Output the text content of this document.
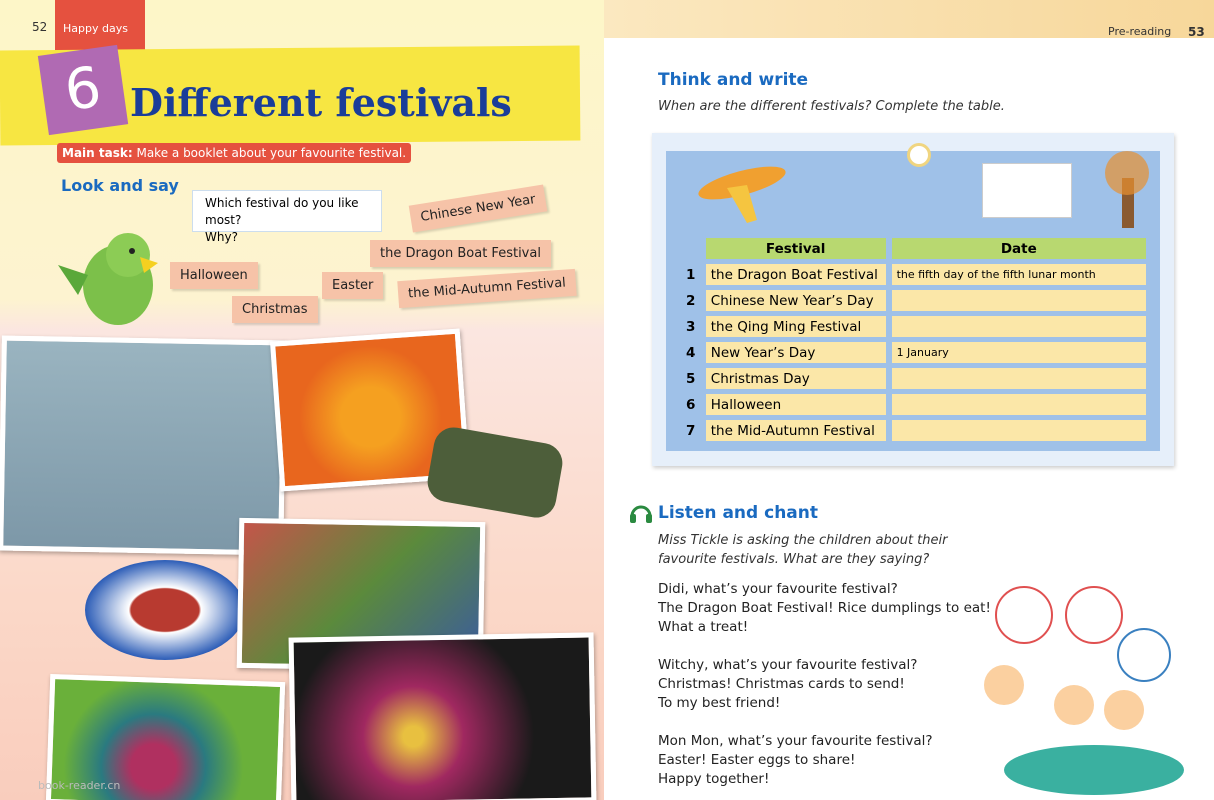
Happy days
52
6 Different festivals
Main task: Make a booklet about your favourite festival.
Look and say
Which festival do you like most?
Why?
Chinese New Year
the Dragon Boat Festival
Halloween
Easter	the Mid-Autumn Festival
Christmas
book-reader.cn
Pre-reading 53
Think and write
When are the different festivals? Complete the table.
	Festival	Date
1	the Dragon Boat Festival	the fifth day of the fifth lunar month
2	Chinese New Year’s Day	
3	the Qing Ming Festival	
4	New Year’s Day	1 January
5	Christmas Day	
6	Halloween	
7	the Mid-Autumn Festival	
Listen and chant
Miss Tickle is asking the children about their favourite festivals. What are they saying?
Didi, what’s your favourite festival?
The Dragon Boat Festival! Rice dumplings to eat!
What a treat!
Witchy, what’s your favourite festival?
Christmas! Christmas cards to send!
To my best friend!
Mon Mon, what’s your favourite festival?
Easter! Easter eggs to share!
Happy together!
